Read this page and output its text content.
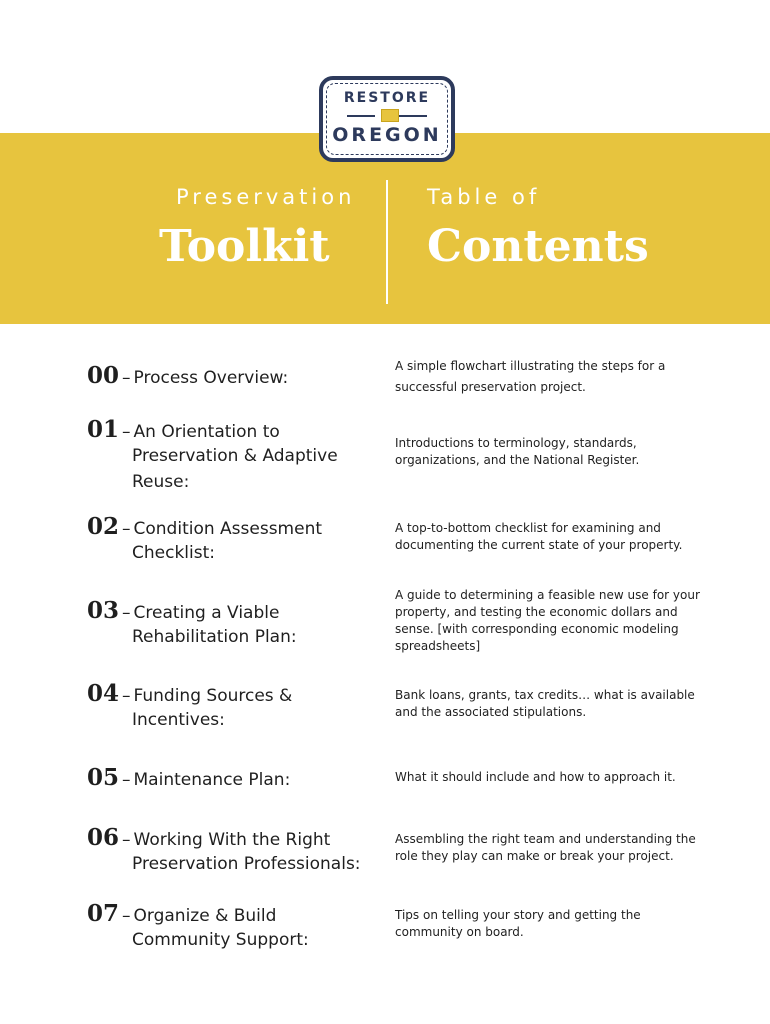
Preservation
Toolkit
Table of
Contents
RESTORE
OREGON
00 – Process Overview:
A simple flowchart illustrating the steps for a
successful preservation project.
01 – An Orientation to
Preservation & Adaptive
Reuse:
Introductions to terminology, standards,
organizations, and the National Register.
02 – Condition Assessment
Checklist:
A top-to-bottom checklist for examining and
documenting the current state of your property.
03 – Creating a Viable
Rehabilitation Plan:
A guide to determining a feasible new use for your
property, and testing the economic dollars and
sense. [with corresponding economic modeling
spreadsheets]
04 – Funding Sources &
Incentives:
Bank loans, grants, tax credits… what is available
and the associated stipulations.
05 – Maintenance Plan:	What it should include and how to approach it.
06 – Working With the Right
Preservation Professionals:
Assembling the right team and understanding the
role they play can make or break your project.
07 – Organize & Build
Community Support:
Tips on telling your story and getting the
community on board.
